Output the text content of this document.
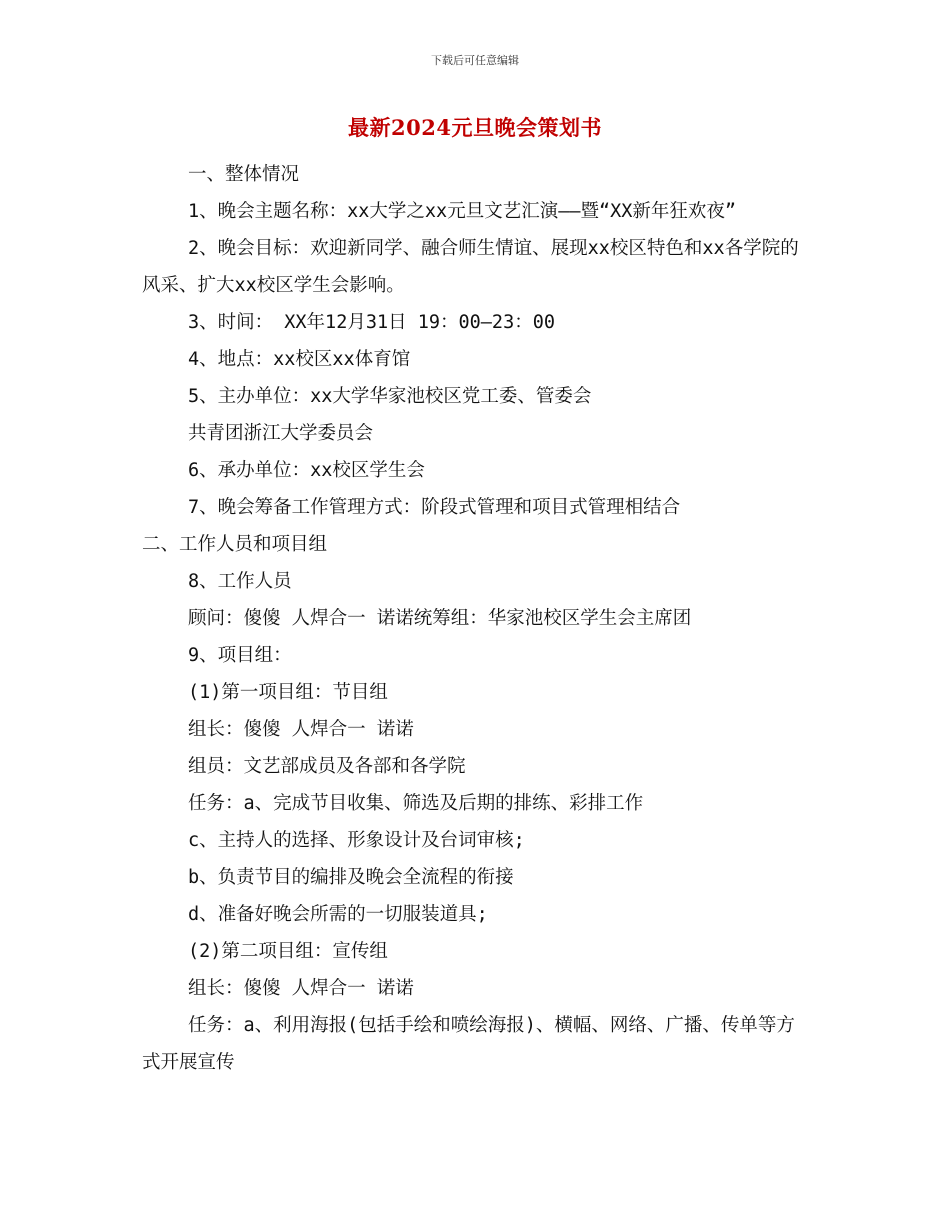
下载后可任意编辑
最新2024元旦晚会策划书

一、整体情况

1、晚会主题名称：xx大学之xx元旦文艺汇演——暨“XX新年狂欢夜”

2、晚会目标：欢迎新同学、融合师生情谊、展现xx校区特色和xx各学院的风采、扩大xx校区学生会影响。

3、时间： XX年12月31日 19：00—23：00

4、地点：xx校区xx体育馆

5、主办单位：xx大学华家池校区党工委、管委会

共青团浙江大学委员会

6、承办单位：xx校区学生会

7、晚会筹备工作管理方式：阶段式管理和项目式管理相结合

二、工作人员和项目组

8、工作人员

顾问：傻傻 人焊合一 诺诺统筹组：华家池校区学生会主席团

9、项目组：

(1)第一项目组：节目组

组长：傻傻 人焊合一 诺诺

组员：文艺部成员及各部和各学院

任务：a、完成节目收集、筛选及后期的排练、彩排工作

c、主持人的选择、形象设计及台词审核;

b、负责节目的编排及晚会全流程的衔接

d、准备好晚会所需的一切服装道具;

(2)第二项目组：宣传组

组长：傻傻 人焊合一 诺诺

任务：a、利用海报(包括手绘和喷绘海报)、横幅、网络、广播、传单等方式开展宣传
